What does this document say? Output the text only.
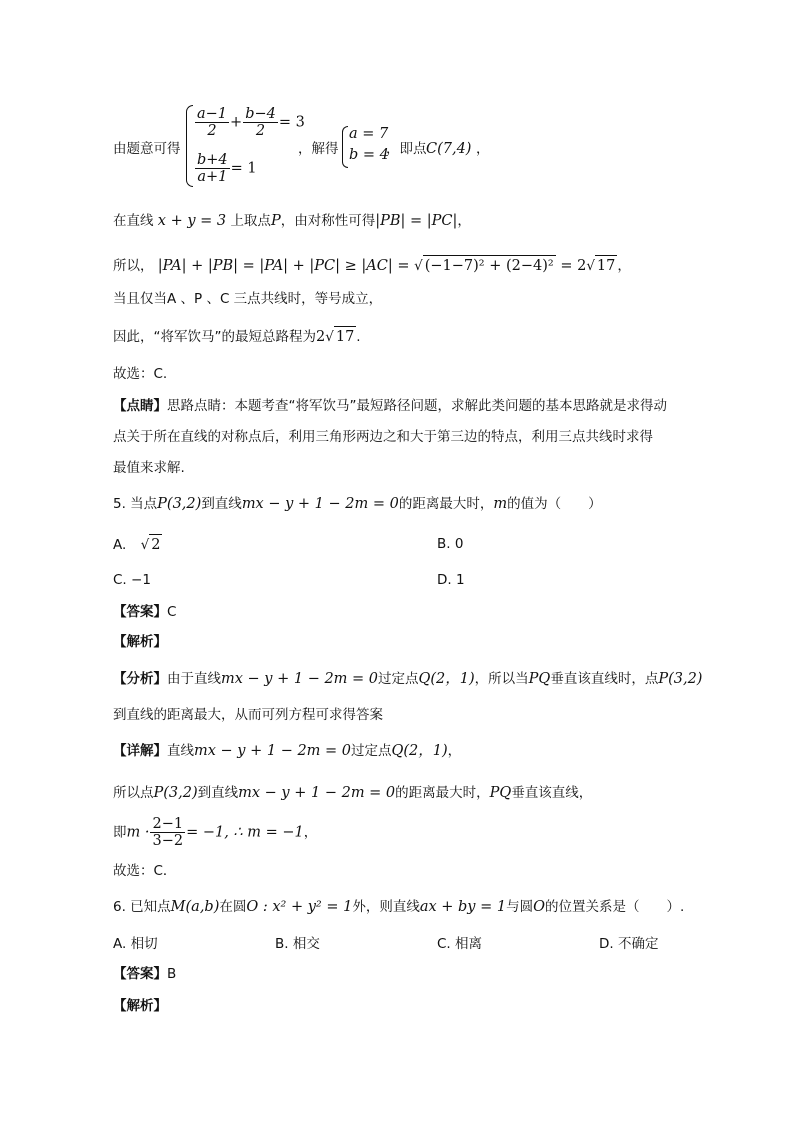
由题意可得
$\frac{a-1}{2} + \frac{b-4}{2} = 3$
$\frac{b+4}{a+1} = 1$
，解得
a = 7
b = 4
，即点 C(7,4) ，
在直线 x + y = 3 上取点P，由对称性可得|PB| = |PC|，
所以， |PA| + |PB| = |PA| + |PC| ≥ |AC| = √ (−1−7)² + (2−4)² = 2√ 17 ，
当且仅当A 、P 、C 三点共线时，等号成立，
因此，“将军饮马”的最短总路程为2√ 17 .
故选：C.
【点睛】思路点睛：本题考查“将军饮马”最短路径问题，求解此类问题的基本思路就是求得动
点关于所在直线的对称点后，利用三角形两边之和大于第三边的特点，利用三点共线时求得
最值来求解.
5. 当点P(3,2)到直线mx − y + 1 − 2m = 0的距离最大时，m的值为（　　）
A. √ 2	B. 0
C. −1	D. 1
【答案】C
【解析】
【分析】由于直线mx − y + 1 − 2m = 0过定点Q(2，1)，所以当PQ垂直该直线时，点P(3,2)
到直线的距离最大，从而可列方程可求得答案
【详解】直线mx − y + 1 − 2m = 0过定点Q(2，1)，
所以点P(3,2)到直线mx − y + 1 − 2m = 0的距离最大时，PQ垂直该直线，
即$m \cdot \frac{2-1}{3-2} = -1$, ∴ m = −1，
故选：C．
6. 已知点M(a,b)在圆O : x² + y² = 1外，则直线ax + by = 1与圆O的位置关系是（　　）.
A. 相切	B. 相交	C. 相离	D. 不确定
【答案】B
【解析】
